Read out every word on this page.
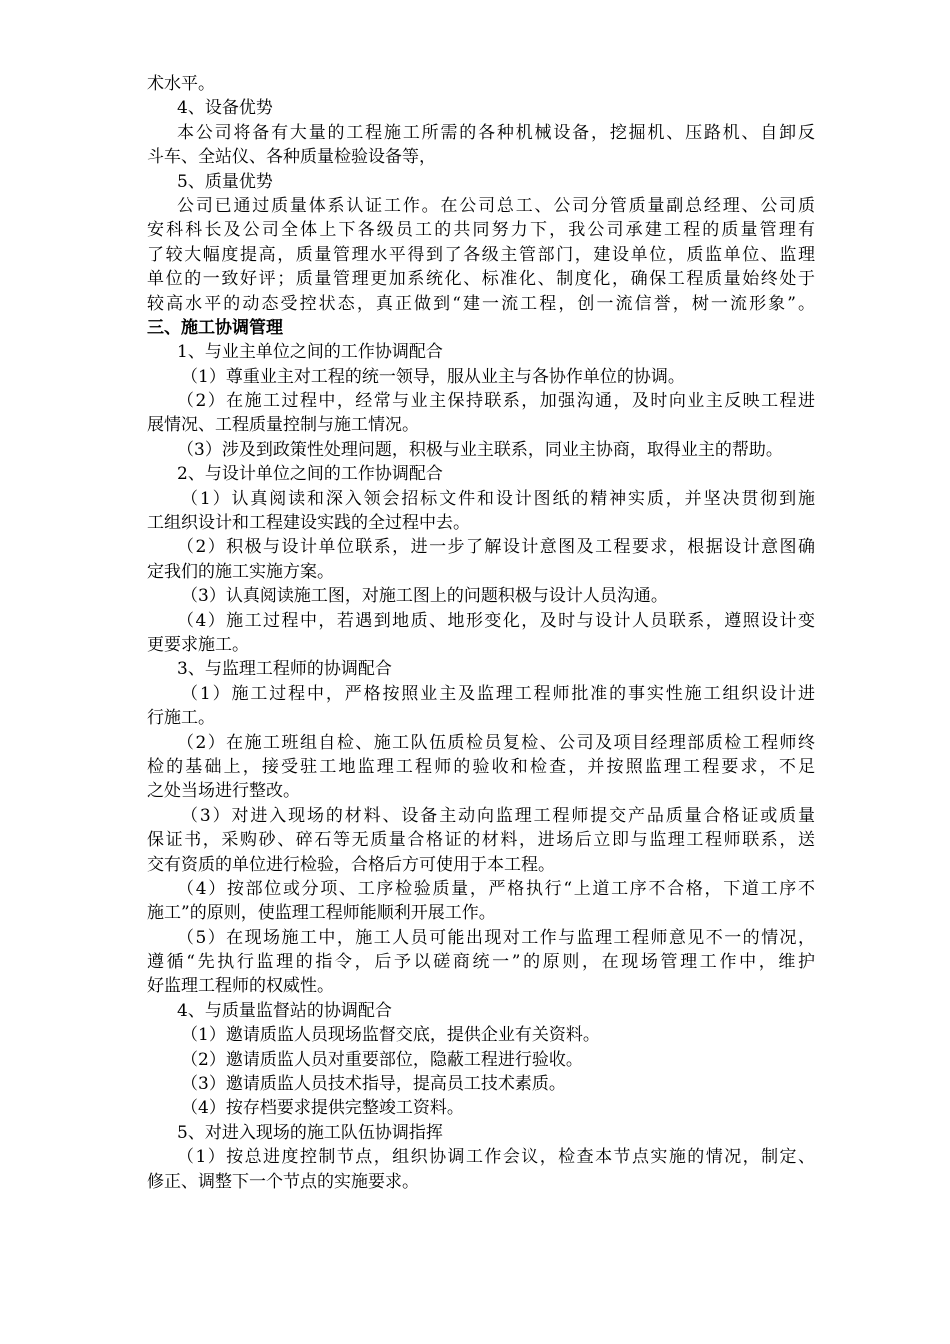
术水平。
4、设备优势
本公司将备有大量的工程施工所需的各种机械设备，挖掘机、压路机、自卸反
斗车、全站仪、各种质量检验设备等，
5、质量优势
公司已通过质量体系认证工作。在公司总工、公司分管质量副总经理、公司质
安科科长及公司全体上下各级员工的共同努力下，我公司承建工程的质量管理有
了较大幅度提高，质量管理水平得到了各级主管部门，建设单位，质监单位、监理
单位的一致好评；质量管理更加系统化、标准化、制度化，确保工程质量始终处于
较高水平的动态受控状态，真正做到“建一流工程，创一流信誉，树一流形象”。
三、施工协调管理
1、与业主单位之间的工作协调配合
（1）尊重业主对工程的统一领导，服从业主与各协作单位的协调。
（2）在施工过程中，经常与业主保持联系，加强沟通，及时向业主反映工程进
展情况、工程质量控制与施工情况。
（3）涉及到政策性处理问题，积极与业主联系，同业主协商，取得业主的帮助。
2、与设计单位之间的工作协调配合
（1）认真阅读和深入领会招标文件和设计图纸的精神实质，并坚决贯彻到施
工组织设计和工程建设实践的全过程中去。
（2）积极与设计单位联系，进一步了解设计意图及工程要求，根据设计意图确
定我们的施工实施方案。
（3）认真阅读施工图，对施工图上的问题积极与设计人员沟通。
（4）施工过程中，若遇到地质、地形变化，及时与设计人员联系，遵照设计变
更要求施工。
3、与监理工程师的协调配合
（1）施工过程中，严格按照业主及监理工程师批准的事实性施工组织设计进
行施工。
（2）在施工班组自检、施工队伍质检员复检、公司及项目经理部质检工程师终
检的基础上，接受驻工地监理工程师的验收和检查，并按照监理工程要求，不足
之处当场进行整改。
（3）对进入现场的材料、设备主动向监理工程师提交产品质量合格证或质量
保证书，采购砂、碎石等无质量合格证的材料，进场后立即与监理工程师联系，送
交有资质的单位进行检验，合格后方可使用于本工程。
（4）按部位或分项、工序检验质量，严格执行“上道工序不合格，下道工序不
施工”的原则，使监理工程师能顺利开展工作。
（5）在现场施工中，施工人员可能出现对工作与监理工程师意见不一的情况，
遵循“先执行监理的指令，后予以磋商统一”的原则，在现场管理工作中，维护
好监理工程师的权威性。
4、与质量监督站的协调配合
（1）邀请质监人员现场监督交底，提供企业有关资料。
（2）邀请质监人员对重要部位，隐蔽工程进行验收。
（3）邀请质监人员技术指导，提高员工技术素质。
（4）按存档要求提供完整竣工资料。
5、对进入现场的施工队伍协调指挥
（1）按总进度控制节点，组织协调工作会议，检查本节点实施的情况，制定、
修正、调整下一个节点的实施要求。
